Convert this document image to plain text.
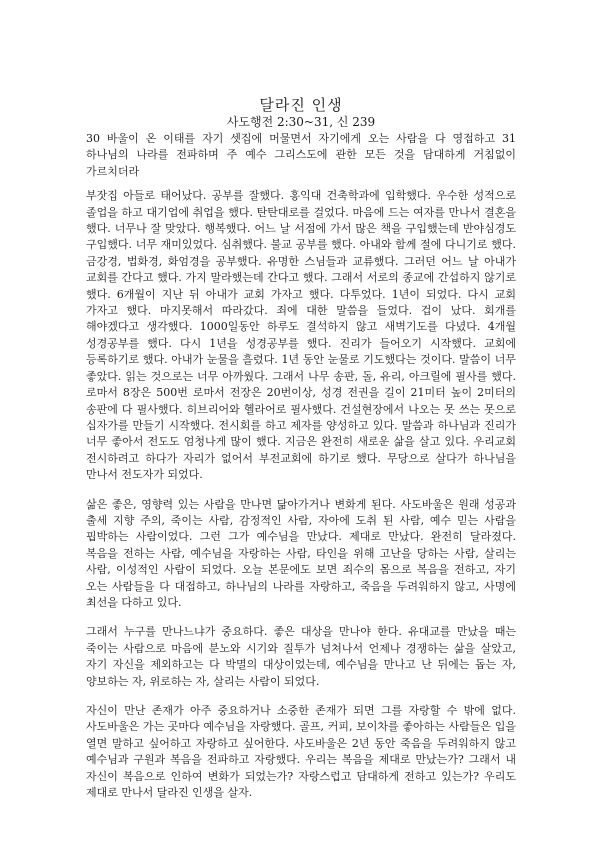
달라진 인생
사도행전 2:30~31, 신 239

30 바울이 온 이태를 자기 셋집에 머물면서 자기에게 오는 사람을 다 영접하고 31 하나님의 나라를 전파하며 주 예수 그리스도에 관한 모든 것을 담대하게 거침없이 가르치더라

부잣집 아들로 태어났다. 공부를 잘했다. 홍익대 건축학과에 입학했다. 우수한 성적으로 졸업을 하고 대기업에 취업을 했다. 탄탄대로를 걸었다. 마음에 드는 여자를 만나서 결혼을 했다. 너무나 잘 맞았다. 행복했다. 어느 날 서점에 가서 많은 책을 구입했는데 반야심경도 구입했다. 너무 재미있었다. 심취했다. 불교 공부를 했다. 아내와 함께 절에 다니기로 했다. 금강경, 법화경, 화엄경을 공부했다. 유명한 스님들과 교류했다. 그러던 어느 날 아내가 교회를 간다고 했다. 가지 말라했는데 간다고 했다. 그래서 서로의 종교에 간섭하지 않기로 했다. 6개월이 지난 뒤 아내가 교회 가자고 했다. 다투었다. 1년이 되었다. 다시 교회 가자고 했다. 마지못해서 따라갔다. 죄에 대한 말씀을 들었다. 겁이 났다. 회개를 해야겠다고 생각했다. 1000일동안 하루도 결석하지 않고 새벽기도를 다녔다. 4개월 성경공부를 했다. 다시 1년을 성경공부를 했다. 진리가 들어오기 시작했다. 교회에 등록하기로 했다. 아내가 눈물을 흘렸다. 1년 동안 눈물로 기도했다는 것이다. 말씀이 너무 좋았다. 읽는 것으로는 너무 아까웠다. 그래서 나무 송판, 돌, 유리, 아크릴에 필사를 했다. 로마서 8장은 500번 로마서 전장은 20번이상, 성경 전권을 길이 21미터 높이 2미터의 송판에 다 필사했다. 히브리어와 헬라어로 필사했다. 건설현장에서 나오는 못 쓰는 못으로 십자가를 만들기 시작했다. 전시회를 하고 제자를 양성하고 있다. 말씀과 하나님과 진리가 너무 좋아서 전도도 엄청나게 많이 했다. 지금은 완전히 새로운 삶을 살고 있다. 우리교회 전시하려고 하다가 자리가 없어서 부전교회에 하기로 했다. 무당으로 살다가 하나님을 만나서 전도자가 되었다.

삶은 좋은, 영향력 있는 사람을 만나면 닮아가거나 변화게 된다. 사도바울은 원래 성공과 출세 지향 주의, 죽이는 사람, 감정적인 사람, 자아에 도취 된 사람, 예수 믿는 사람을 핍박하는 사람이었다. 그런 그가 예수님을 만났다. 제대로 만났다. 완전히 달라졌다. 복음을 전하는 사람, 예수님을 자랑하는 사람, 타인을 위해 고난을 당하는 사람, 살리는 사람, 이성적인 사람이 되었다. 오늘 본문에도 보면 죄수의 몸으로 복음을 전하고, 자기 오는 사람들을 다 대접하고, 하나님의 나라를 자랑하고, 죽음을 두려워하지 않고, 사명에 최선을 다하고 있다.

그래서 누구를 만나느냐가 중요하다. 좋은 대상을 만나야 한다. 유대교를 만났을 때는 죽이는 사람으로 마음에 분노와 시기와 질투가 넘쳐나서 언제나 경쟁하는 삶을 살았고, 자기 자신을 제외하고는 다 박멸의 대상이었는데, 예수님을 만나고 난 뒤에는 돕는 자, 양보하는 자, 위로하는 자, 살리는 사람이 되었다.

자신이 만난 존재가 아주 중요하거나 소중한 존재가 되면 그를 자랑할 수 밖에 없다. 사도바울은 가는 곳마다 예수님을 자랑했다. 골프, 커피, 보이차를 좋아하는 사람들은 입을 열면 말하고 싶어하고 자랑하고 싶어한다. 사도바울은 2년 동안 죽음을 두려워하지 않고 예수님과 구원과 복음을 전파하고 자랑했다. 우리는 복음을 제대로 만났는가? 그래서 내 자신이 복음으로 인하여 변화가 되었는가? 자랑스럽고 담대하게 전하고 있는가? 우리도 제대로 만나서 달라진 인생을 살자.
